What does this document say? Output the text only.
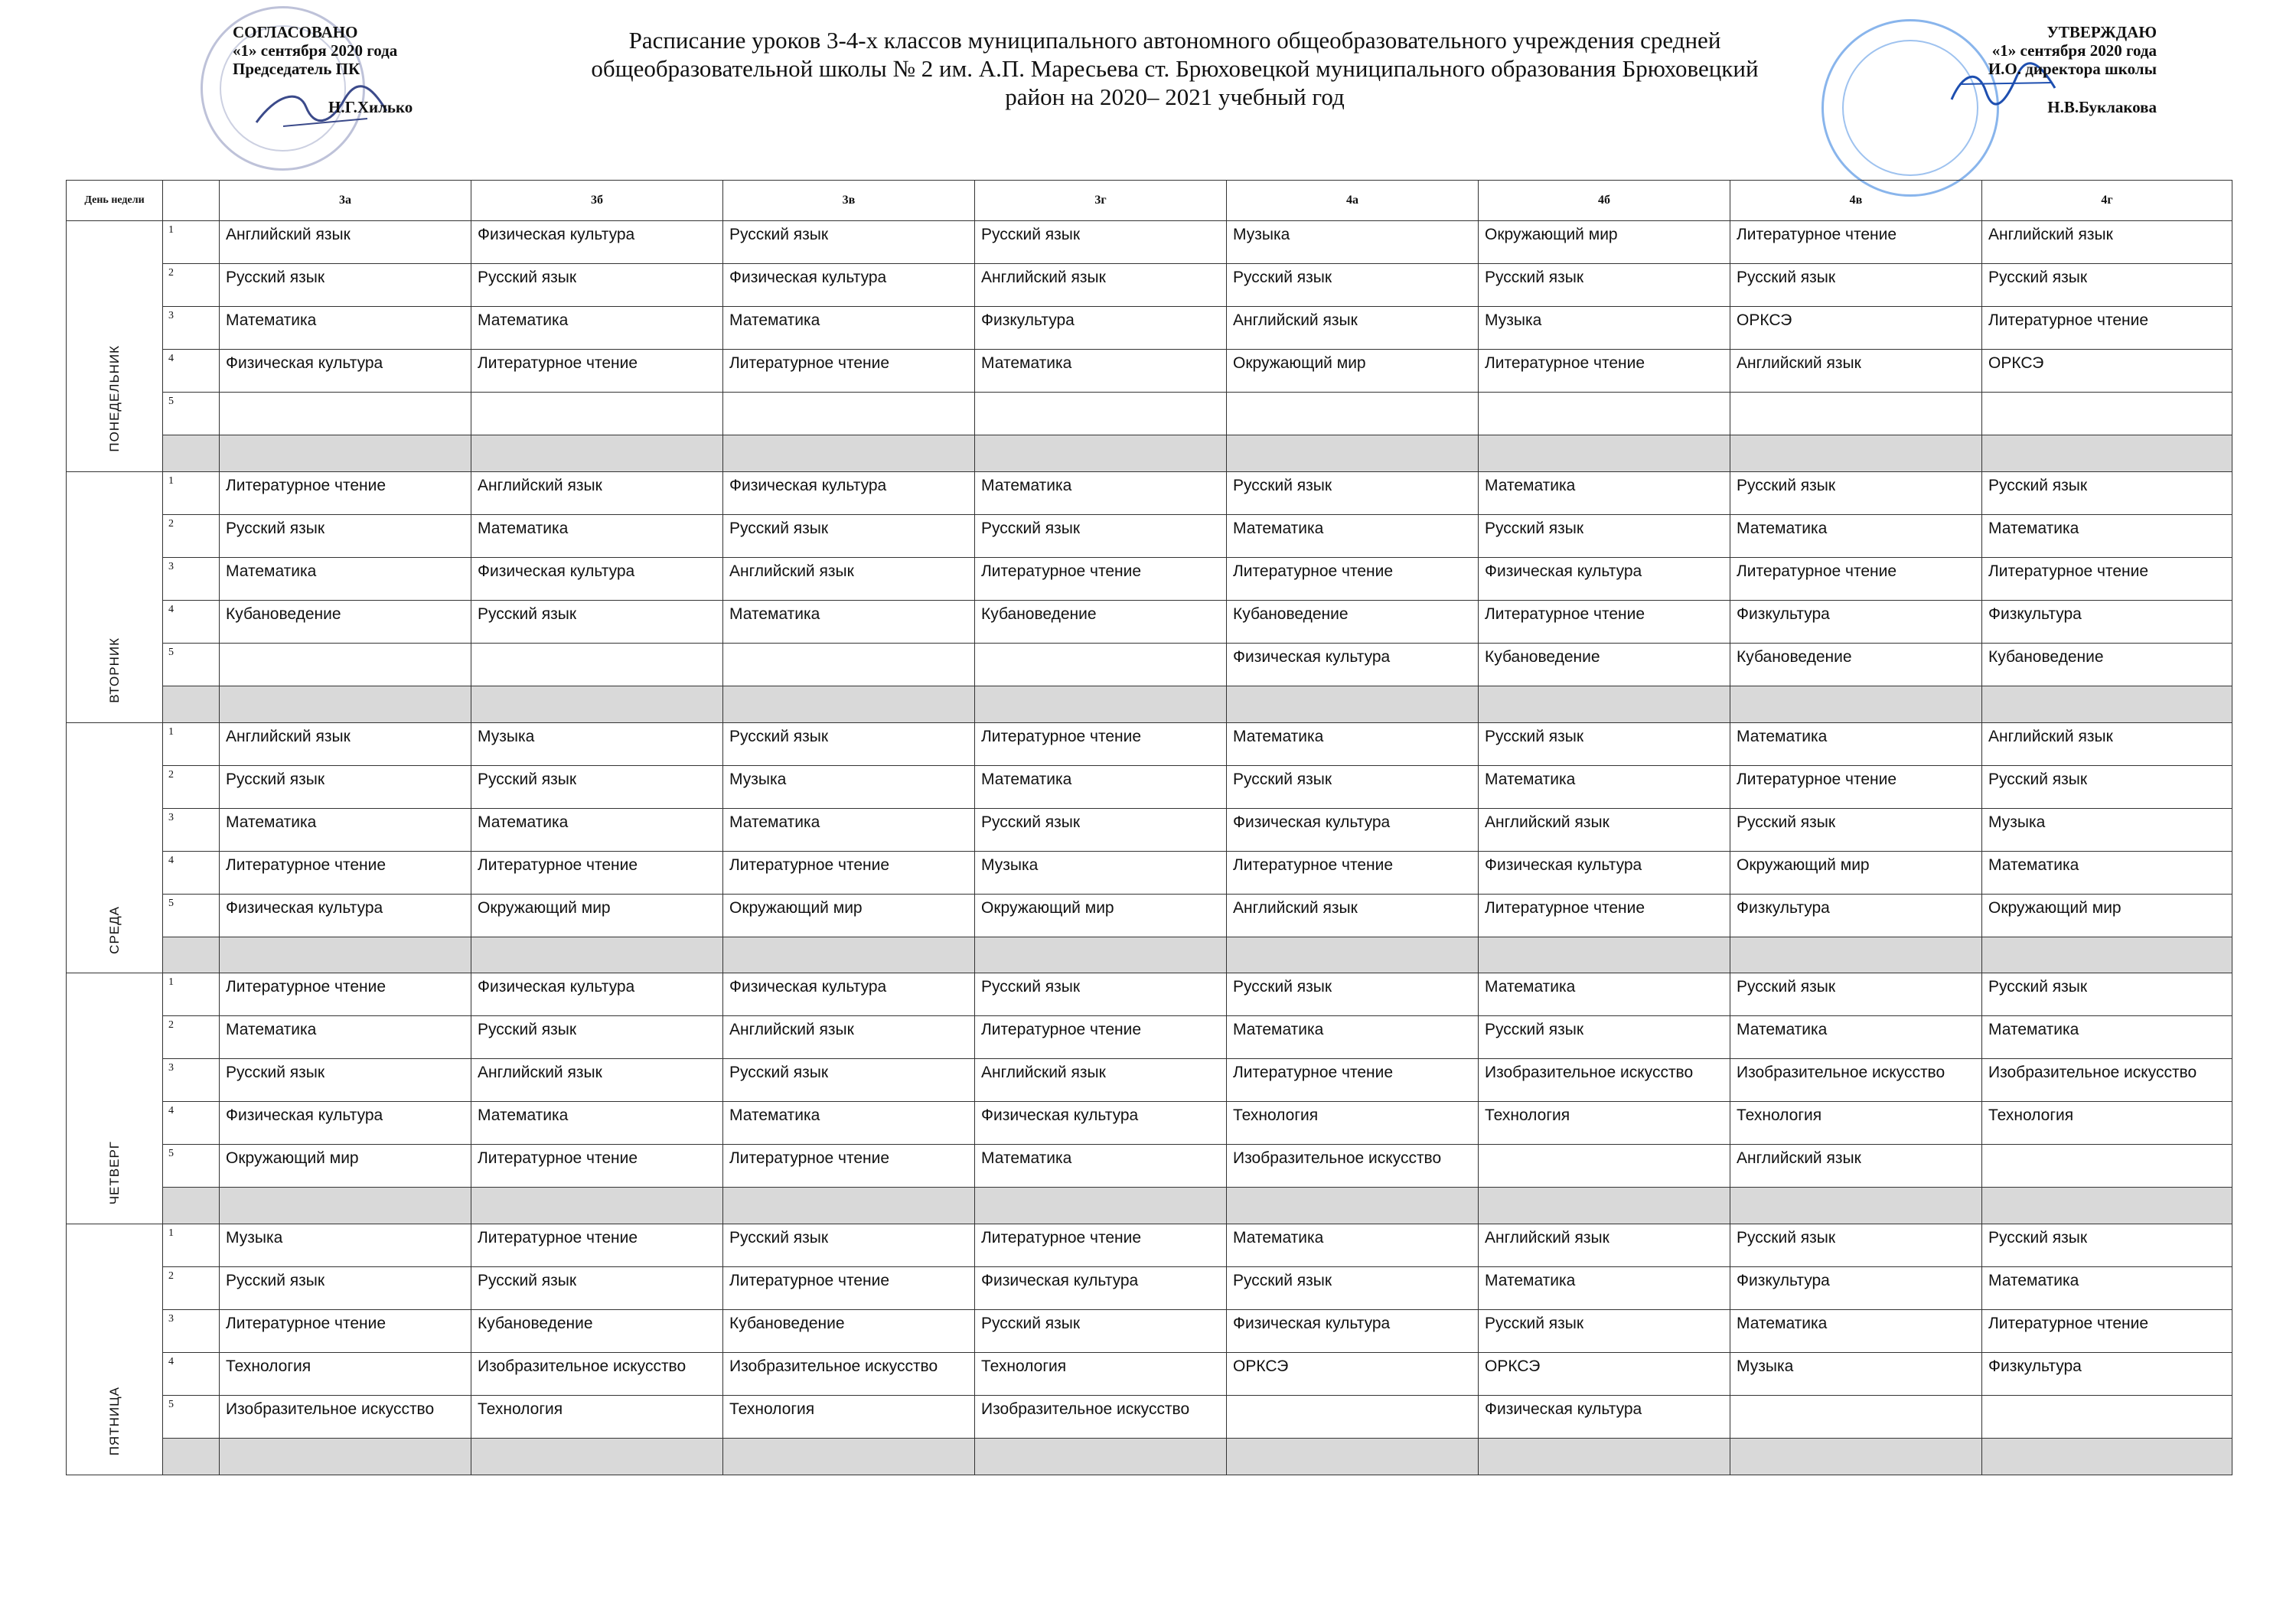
СОГЛАСОВАНО
«1» сентября 2020 года
Председатель ПК
Н.Г.Хилько
Расписание уроков 3-4-х классов муниципального автономного общеобразовательного учреждения средней
общеобразовательной школы № 2 им. А.П. Маресьева ст. Брюховецкой муниципального образования Брюховецкий
район на 2020– 2021 учебный год
УТВЕРЖДАЮ
«1» сентября 2020 года
И.О. директора школы
Н.В.Буклакова
День недели		3а	3б	3в	3г	4а	4б	4в	4г
ПОНЕДЕЛЬНИК	1	Английский язык	Физическая культура	Русский язык	Русский язык	Музыка	Окружающий мир	Литературное чтение	Английский язык
	2	Русский язык	Русский язык	Физическая культура	Английский язык	Русский язык	Русский язык	Русский язык	Русский язык
	3	Математика	Математика	Математика	Физкультура	Английский язык	Музыка	ОРКСЭ	Литературное чтение
	4	Физическая культура	Литературное чтение	Литературное чтение	Математика	Окружающий мир	Литературное чтение	Английский язык	ОРКСЭ
	5								

ВТОРНИК	1	Литературное чтение	Английский язык	Физическая культура	Математика	Русский язык	Математика	Русский язык	Русский язык
	2	Русский язык	Математика	Русский язык	Русский язык	Математика	Русский язык	Математика	Математика
	3	Математика	Физическая культура	Английский язык	Литературное чтение	Литературное чтение	Физическая культура	Литературное чтение	Литературное чтение
	4	Кубановедение	Русский язык	Математика	Кубановедение	Кубановедение	Литературное чтение	Физкультура	Физкультура
	5					Физическая культура	Кубановедение	Кубановедение	Кубановедение

СРЕДА	1	Английский язык	Музыка	Русский язык	Литературное чтение	Математика	Русский язык	Математика	Английский язык
	2	Русский язык	Русский язык	Музыка	Математика	Русский язык	Математика	Литературное чтение	Русский язык
	3	Математика	Математика	Математика	Русский язык	Физическая культура	Английский язык	Русский язык	Музыка
	4	Литературное чтение	Литературное чтение	Литературное чтение	Музыка	Литературное чтение	Физическая культура	Окружающий мир	Математика
	5	Физическая культура	Окружающий мир	Окружающий мир	Окружающий мир	Английский язык	Литературное чтение	Физкультура	Окружающий мир

ЧЕТВЕРГ	1	Литературное чтение	Физическая культура	Физическая культура	Русский язык	Русский язык	Математика	Русский язык	Русский язык
	2	Математика	Русский язык	Английский язык	Литературное чтение	Математика	Русский язык	Математика	Математика
	3	Русский язык	Английский язык	Русский язык	Английский язык	Литературное чтение	Изобразительное искусство	Изобразительное искусство	Изобразительное искусство
	4	Физическая культура	Математика	Математика	Физическая культура	Технология	Технология	Технология	Технология
	5	Окружающий мир	Литературное чтение	Литературное чтение	Математика	Изобразительное искусство		Английский язык	

ПЯТНИЦА	1	Музыка	Литературное чтение	Русский язык	Литературное чтение	Математика	Английский язык	Русский язык	Русский язык
	2	Русский язык	Русский язык	Литературное чтение	Физическая культура	Русский язык	Математика	Физкультура	Математика
	3	Литературное чтение	Кубановедение	Кубановедение	Русский язык	Физическая культура	Русский язык	Математика	Литературное чтение
	4	Технология	Изобразительное искусство	Изобразительное искусство	Технология	ОРКСЭ	ОРКСЭ	Музыка	Физкультура
	5	Изобразительное искусство	Технология	Технология	Изобразительное искусство		Физическая культура		
